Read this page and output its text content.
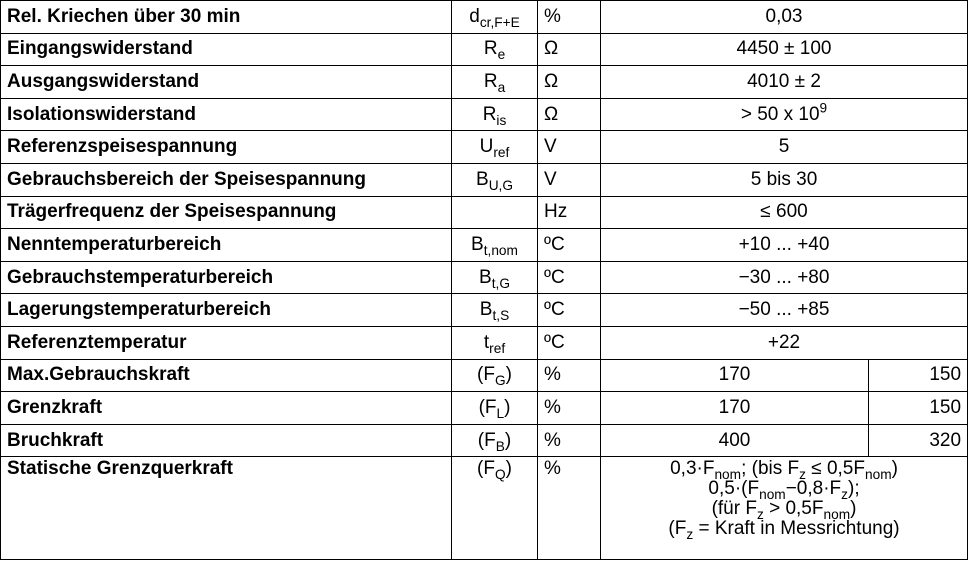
Rel. Kriechen über 30 min	$d_{cr,F+E}$	%	0,03	
Eingangswiderstand	$R_e$	Ω	4450 ± 100	
Ausgangswiderstand	$R_a$	Ω	4010 ± 2	
Isolationswiderstand	$R_{is}$	Ω	> 50 x $10^9$
Referenzspeisespannung	$U_{ref}$	V	5	
Gebrauchsbereich der Speisespannung	$B_{U,G}$	V	5 bis 30	
Trägerfrequenz der Speisespannung		Hz	≤ 600	
Nenntemperaturbereich	$B_{t,nom}$	ºC	+10 ... +40	
Gebrauchstemperaturbereich	$B_{t,G}$	ºC	−30 ... +80	
Lagerungstemperaturbereich	$B_{t,S}$	ºC	−50 ... +85	
Referenztemperatur	$t_{ref}$	ºC	+22	
Max.Gebrauchskraft	$(F_G)$	%	170	150
Grenzkraft	$(F_L)$	%	170	150
Bruchkraft	$(F_B)$	%	400	320
Statische Grenzquerkraft	$(F_Q)$	%	$0,3\cdot F_{nom}$; (bis $F_z \le 0,5F_{nom}$)
$0,5\cdot(F_{nom}-0,8\cdot F_z)$;
(für $F_z > 0,5F_{nom}$)
($F_z$ = Kraft in Messrichtung)	
